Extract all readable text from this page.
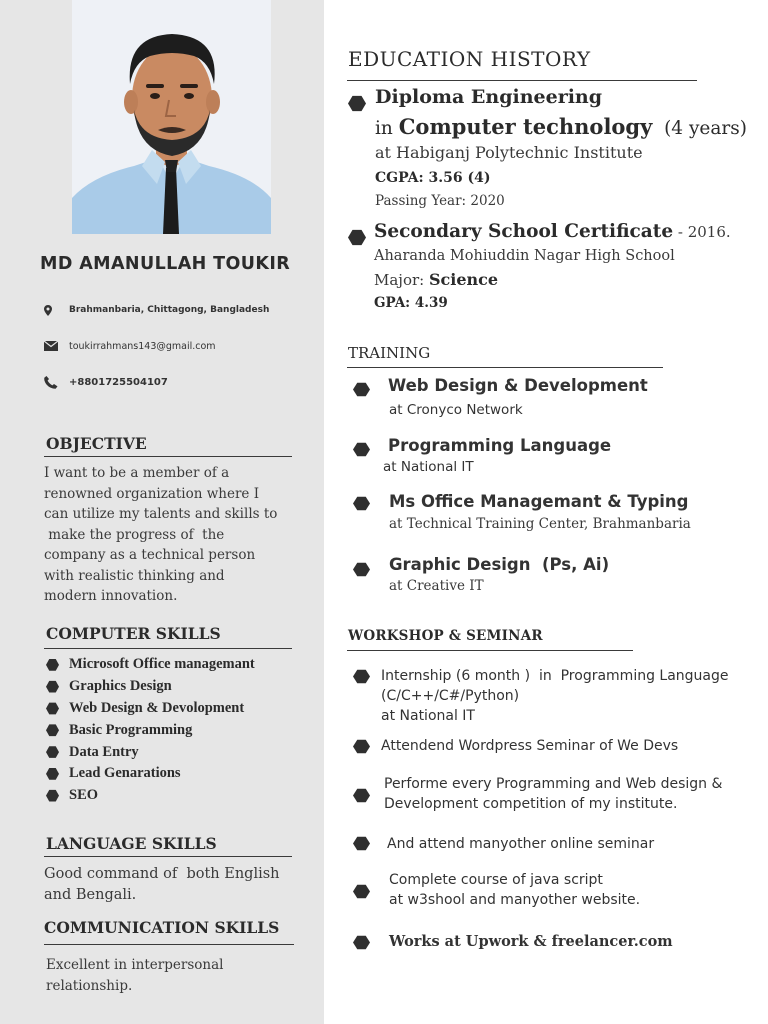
MD AMANULLAH TOUKIR
Brahmanbaria, Chittagong, Bangladesh
toukirrahmans143@gmail.com
+8801725504107
OBJECTIVE
I want to be a member of a
renowned organization where I
can utilize my talents and skills to
make the progress of  the
company as a technical person
with realistic thinking and
modern innovation.
COMPUTER SKILLS
Microsoft Office managemant
Graphics Design
Web Design & Devolopment
Basic Programming
Data Entry
Lead Genarations
SEO
LANGUAGE SKILLS
Good command of  both English
and Bengali.
COMMUNICATION SKILLS
Excellent in interpersonal
relationship.
EDUCATION HISTORY
Diploma Engineering
in Computer technology  (4 years)
at Habiganj Polytechnic Institute
CGPA: 3.56 (4)
Passing Year: 2020
Secondary School Certificate - 2016.
Aharanda Mohiuddin Nagar High School
Major: Science
GPA: 4.39
TRAINING
Web Design & Development
at Cronyco Network
Programming Language
at National IT
Ms Office Managemant & Typing
at Technical Training Center, Brahmanbaria
Graphic Design  (Ps, Ai)
at Creative IT
WORKSHOP & SEMINAR
Internship (6 month )  in  Programming Language
(C/C++/C#/Python)
at National IT
Attendend Wordpress Seminar of We Devs
Performe every Programming and Web design &
Development competition of my institute.
And attend manyother online seminar
Complete course of java script
at w3shool and manyother website.
Works at Upwork & freelancer.com
